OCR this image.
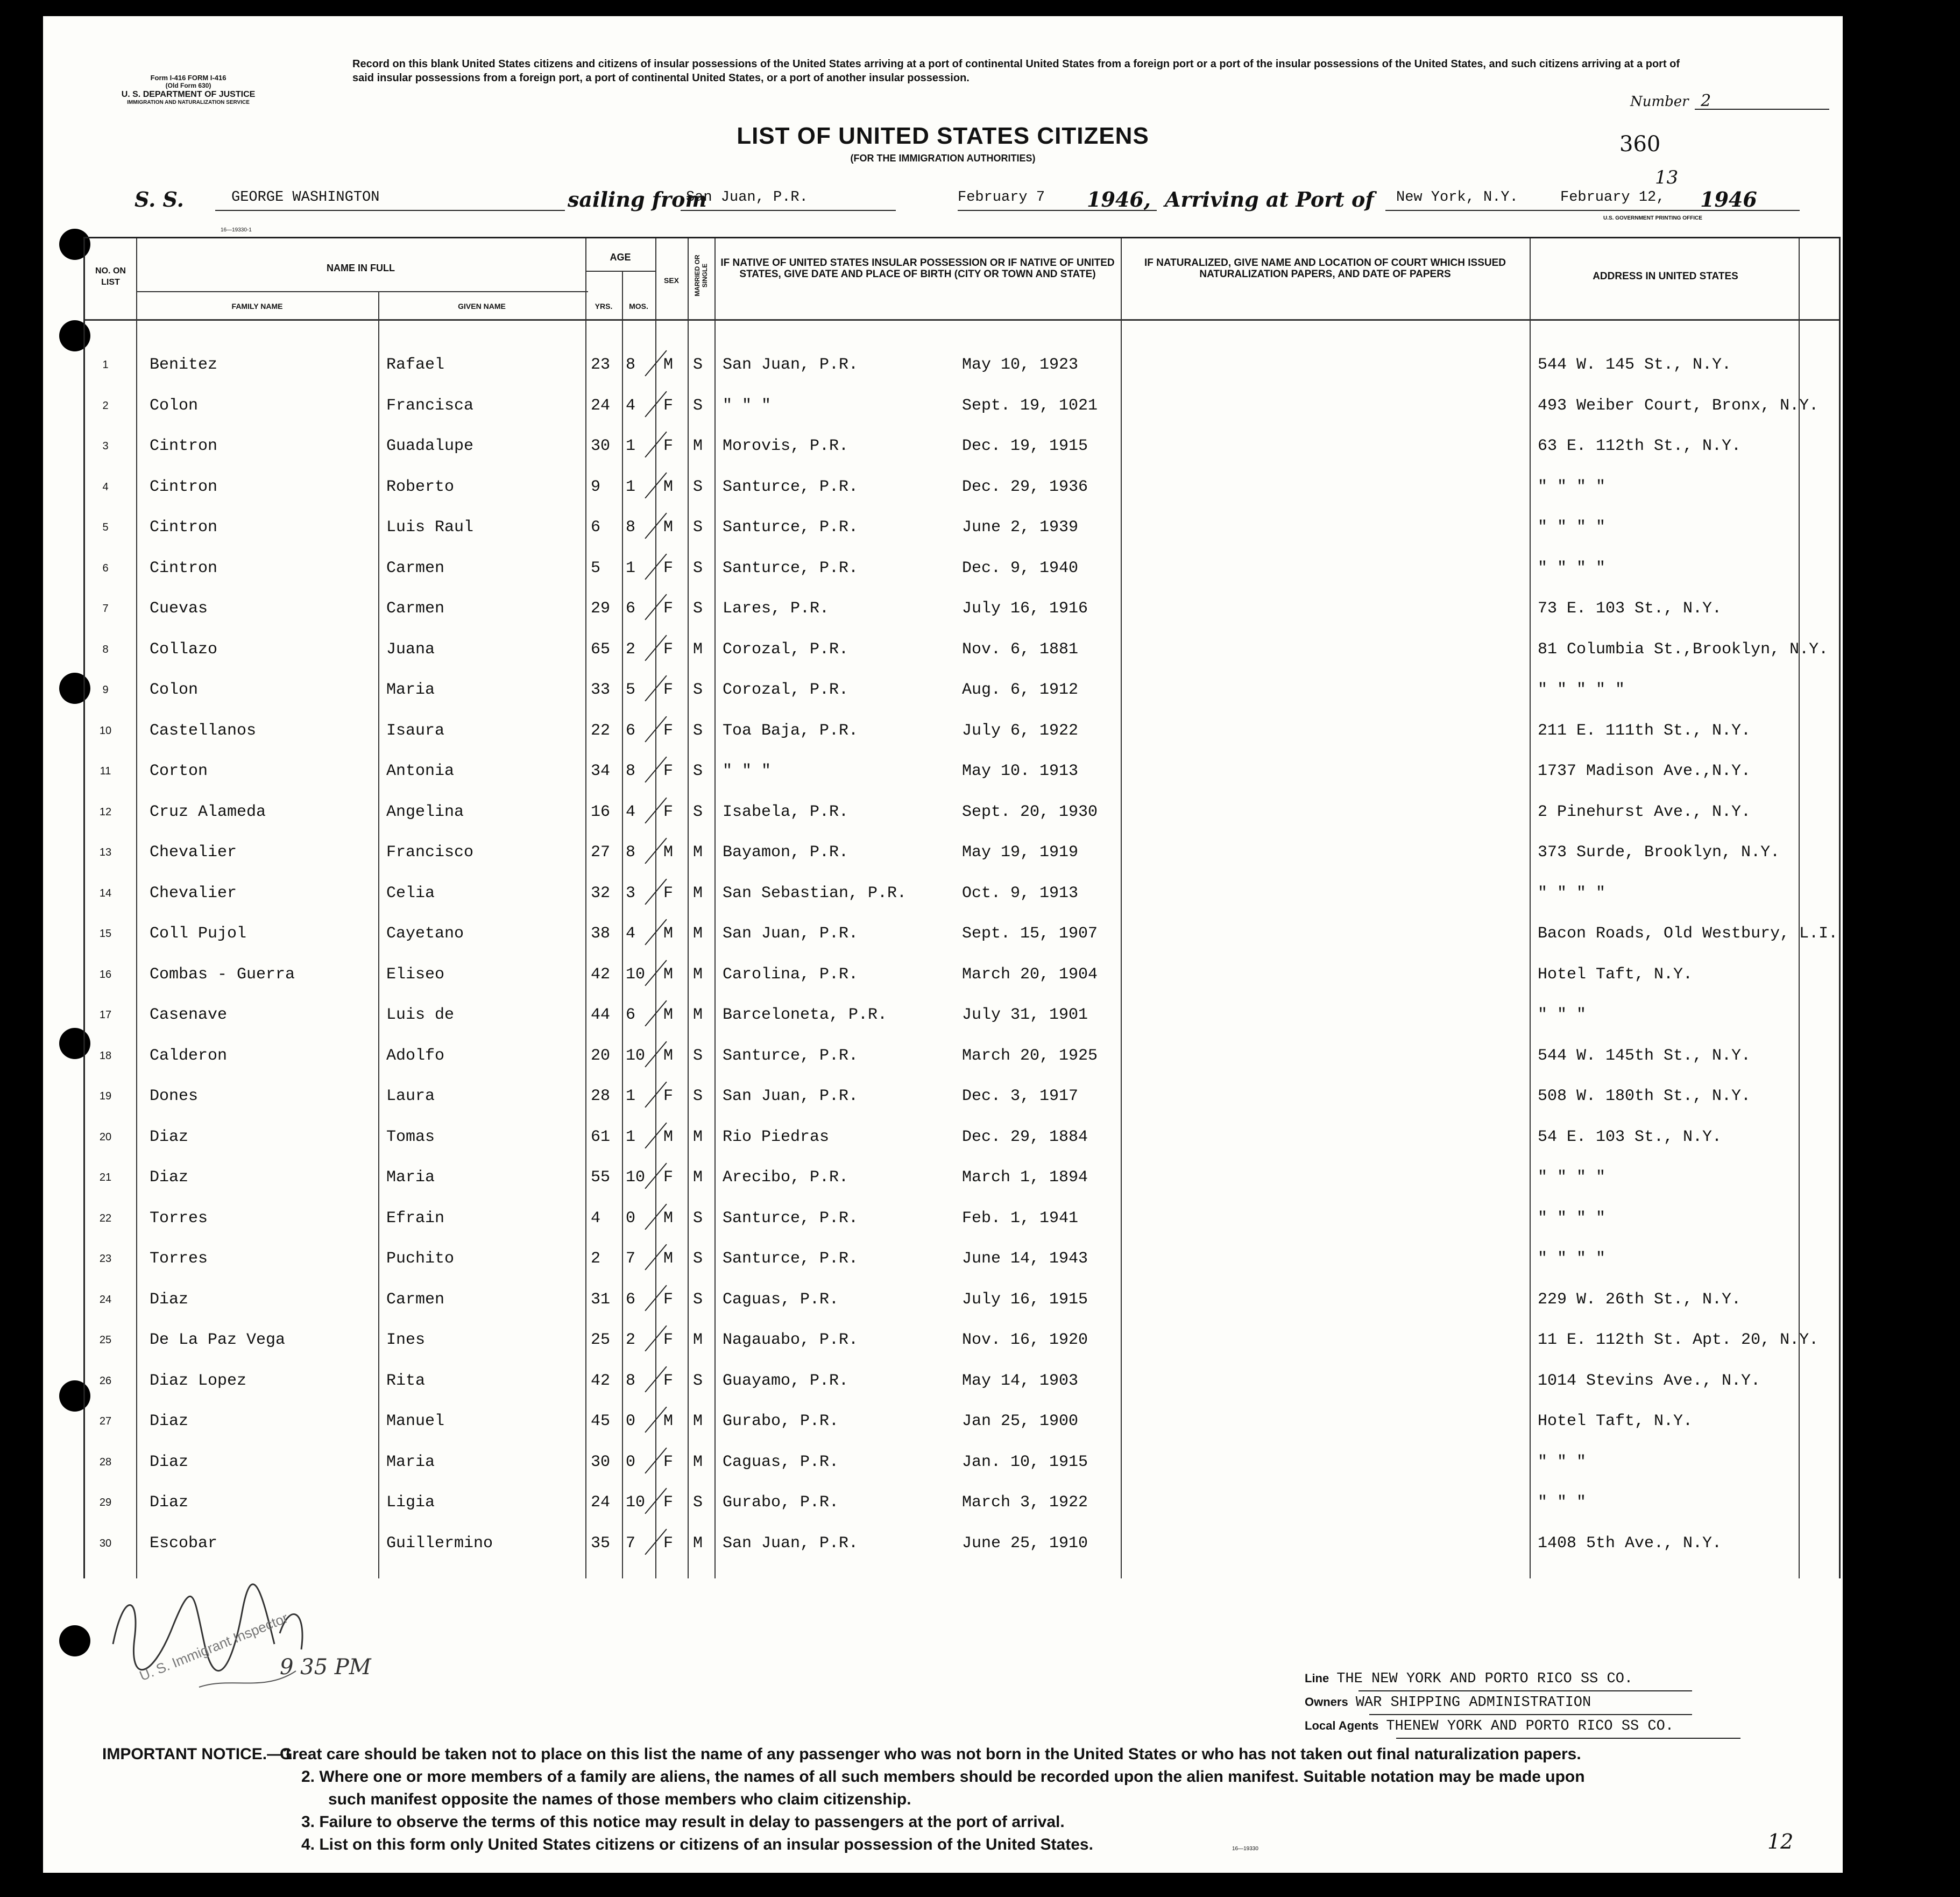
Form I-416 FORM I-416
(Old Form 630)
U. S. DEPARTMENT OF JUSTICE
IMMIGRATION AND NATURALIZATION SERVICE
Record on this blank United States citizens and citizens of insular possessions of the United States arriving at a port of continental United States from a foreign port or a port of the insular possessions of the United States, and such citizens arriving at a port of said insular possessions from a foreign port, a port of continental United States, or a port of another insular possession.
Number 2
360
LIST OF UNITED STATES CITIZENS
(FOR THE IMMIGRATION AUTHORITIES)
S. S.	GEORGE WASHINGTON	sailing from
San Juan, P.R.	February 7 1946, Arriving at Port of New York, N.Y.	February 12,
13
1946
U.S. GOVERNMENT PRINTING OFFICE
16—19330-1
NO. ON LIST
NAME IN FULL
FAMILY NAME	GIVEN NAME
AGE
YRS.	MOS.
SEX	MARRIED OR SINGLE
IF NATIVE OF UNITED STATES INSULAR POSSESSION OR IF NATIVE OF UNITED STATES, GIVE DATE AND PLACE OF BIRTH (CITY OR TOWN AND STATE)
IF NATURALIZED, GIVE NAME AND LOCATION OF COURT WHICH ISSUED NATURALIZATION PAPERS, AND DATE OF PAPERS	ADDRESS IN UNITED STATES
1	Benitez	Rafael	23 8 M S San Juan, P.R.	May 10, 1923	544 W. 145 St., N.Y.
2	Colon	Francisca	24 4 F S " " "	Sept. 19, 1021	493 Weiber Court, Bronx, N.Y.
3	Cintron	Guadalupe	30 1 F M Morovis, P.R.	Dec. 19, 1915	63 E. 112th St., N.Y.
4	Cintron	Roberto	9 1 M S Santurce, P.R.	Dec. 29, 1936	" " " "
5	Cintron	Luis Raul	6 8 M S Santurce, P.R.	June 2, 1939	" " " "
6	Cintron	Carmen	5 1 F S Santurce, P.R.	Dec. 9, 1940	" " " "
7	Cuevas	Carmen	29 6 F S Lares, P.R.	July 16, 1916	73 E. 103 St., N.Y.
8	Collazo	Juana	65 2 F M Corozal, P.R.	Nov. 6, 1881	81 Columbia St.,Brooklyn, N.Y.
9	Colon	Maria	33 5 F S Corozal, P.R.	Aug. 6, 1912	" " " " "
10	Castellanos	Isaura	22 6 F S Toa Baja, P.R.	July 6, 1922	211 E. 111th St., N.Y.
11	Corton	Antonia	34 8 F S " " "	May 10. 1913	1737 Madison Ave.,N.Y.
12	Cruz Alameda	Angelina	16 4 F S Isabela, P.R.	Sept. 20, 1930	2 Pinehurst Ave., N.Y.
13	Chevalier	Francisco	27 8 M M Bayamon, P.R.	May 19, 1919	373 Surde, Brooklyn, N.Y.
14	Chevalier	Celia	32 3 F M San Sebastian, P.R.	Oct. 9, 1913	" " " "
15	Coll Pujol	Cayetano	38 4 M M San Juan, P.R.	Sept. 15, 1907	Bacon Roads, Old Westbury, L.I.
16	Combas - Guerra	Eliseo	42 10 M M Carolina, P.R.	March 20, 1904	Hotel Taft, N.Y.
17	Casenave	Luis de	44 6 M M Barceloneta, P.R.	July 31, 1901	" " "
18	Calderon	Adolfo	20 10 M S Santurce, P.R.	March 20, 1925	544 W. 145th St., N.Y.
19	Dones	Laura	28 1 F S San Juan, P.R.	Dec. 3, 1917	508 W. 180th St., N.Y.
20	Diaz	Tomas	61 1 M M Rio Piedras	Dec. 29, 1884	54 E. 103 St., N.Y.
21	Diaz	Maria	55 10 F M Arecibo, P.R.	March 1, 1894	" " " "
22	Torres	Efrain	4 0 M S Santurce, P.R.	Feb. 1, 1941	" " " "
23	Torres	Puchito	2 7 M S Santurce, P.R.	June 14, 1943	" " " "
24	Diaz	Carmen	31 6 F S Caguas, P.R.	July 16, 1915	229 W. 26th St., N.Y.
25	De La Paz Vega	Ines	25 2 F M Nagauabo, P.R.	Nov. 16, 1920	11 E. 112th St. Apt. 20, N.Y.
26	Diaz Lopez	Rita	42 8 F S Guayamo, P.R.	May 14, 1903	1014 Stevins Ave., N.Y.
27	Diaz	Manuel	45 0 M M Gurabo, P.R.	Jan 25, 1900	Hotel Taft, N.Y.
28	Diaz	Maria	30 0 F M Caguas, P.R.	Jan. 10, 1915	" " "
29	Diaz	Ligia	24 10 F S Gurabo, P.R.	March 3, 1922	" " "
30	Escobar	Guillermino	35 7 F M San Juan, P.R.	June 25, 1910	1408 5th Ave., N.Y.
U. S. Immigrant Inspector
9 35 PM	Line THE NEW YORK AND PORTO RICO SS CO.
Owners WAR SHIPPING ADMINISTRATION
Local Agents THENEW YORK AND PORTO RICO SS CO.
IMPORTANT NOTICE.—1.
Great care should be taken not to place on this list the name of any passenger who was not born in the United States or who has not taken out final naturalization papers.
2. Where one or more members of a family are aliens, the names of all such members should be recorded upon the alien manifest. Suitable notation may be made upon
such manifest opposite the names of those members who claim citizenship.
3. Failure to observe the terms of this notice may result in delay to passengers at the port of arrival.
4. List on this form only United States citizens or citizens of an insular possession of the United States.	16—19330	12
